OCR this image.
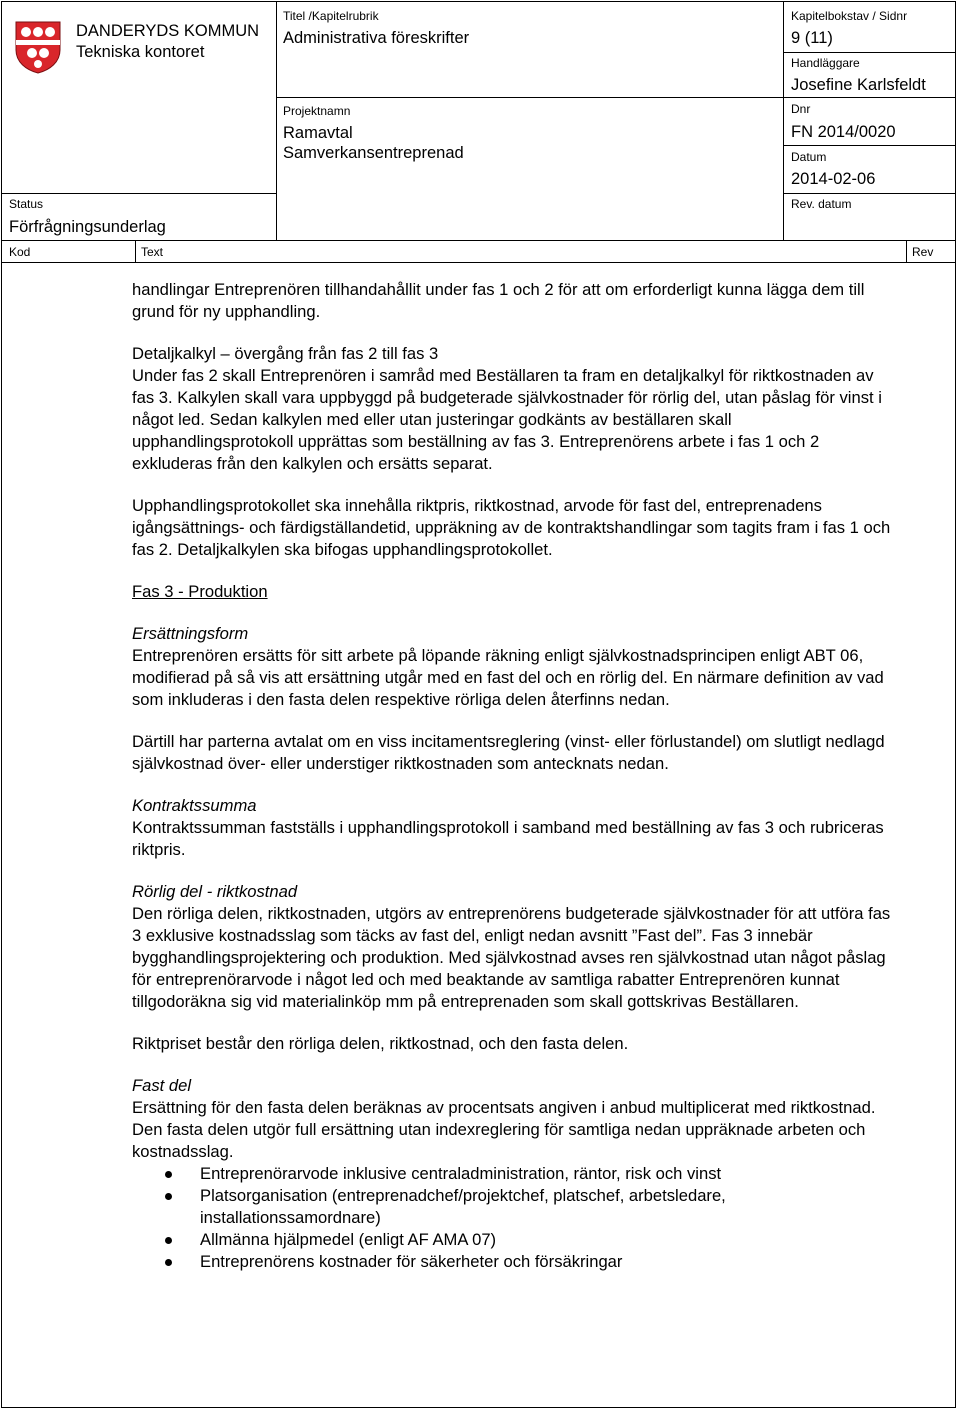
DANDERYDS KOMMUN
Tekniska kontoret
Titel /Kapitelrubrik
Administrativa föreskrifter
Projektnamn
Ramavtal
Samverkansentreprenad
Kapitelbokstav / Sidnr
9 (11)
Handläggare
Josefine Karlsfeldt
Dnr
FN 2014/0020
Datum
2014-02-06
Rev. datum
Status
Förfrågningsunderlag
Kod	Text	Rev

handlingar Entreprenören tillhandahållit under fas 1 och 2 för att om erforderligt kunna lägga dem till grund för ny upphandling.

Detaljkalkyl – övergång från fas 2 till fas 3

Under fas 2 skall Entreprenören i samråd med Beställaren ta fram en detaljkalkyl för riktkostnaden av fas 3. Kalkylen skall vara uppbyggd på budgeterade självkostnader för rörlig del, utan påslag för vinst i något led. Sedan kalkylen med eller utan justeringar godkänts av beställaren skall upphandlingsprotokoll upprättas som beställning av fas 3. Entreprenörens arbete i fas 1 och 2 exkluderas från den kalkylen och ersätts separat.

Upphandlingsprotokollet ska innehålla riktpris, riktkostnad, arvode för fast del, entreprenadens igångsättnings- och färdigställandetid, uppräkning av de kontraktshandlingar som tagits fram i fas 1 och fas 2. Detaljkalkylen ska bifogas upphandlingsprotokollet.

Fas 3 - Produktion

Ersättningsform

Entreprenören ersätts för sitt arbete på löpande räkning enligt självkostnadsprincipen enligt ABT 06, modifierad på så vis att ersättning utgår med en fast del och en rörlig del. En närmare definition av vad som inkluderas i den fasta delen respektive rörliga delen återfinns nedan.

Därtill har parterna avtalat om en viss incitamentsreglering (vinst- eller förlustandel) om slutligt nedlagd självkostnad över- eller understiger riktkostnaden som antecknats nedan.

Kontraktssumma

Kontraktssumman fastställs i upphandlingsprotokoll i samband med beställning av fas 3 och rubriceras riktpris.

Rörlig del - riktkostnad

Den rörliga delen, riktkostnaden, utgörs av entreprenörens budgeterade självkostnader för att utföra fas 3 exklusive kostnadsslag som täcks av fast del, enligt nedan avsnitt ”Fast del”. Fas 3 innebär bygghandlingsprojektering och produktion. Med självkostnad avses ren självkostnad utan något påslag för entreprenörarvode i något led och med beaktande av samtliga rabatter Entreprenören kunnat tillgodoräkna sig vid materialinköp mm på entreprenaden som skall gottskrivas Beställaren.

Riktpriset består den rörliga delen, riktkostnad, och den fasta delen.

Fast del

Ersättning för den fasta delen beräknas av procentsats angiven i anbud multiplicerat med riktkostnad. Den fasta delen utgör full ersättning utan indexreglering för samtliga nedan uppräknade arbeten och kostnadsslag.

Entreprenörarvode inklusive centraladministration, räntor, risk och vinst
Platsorganisation (entreprenadchef/projektchef, platschef, arbetsledare, installationssamordnare)
Allmänna hjälpmedel (enligt AF AMA 07)
Entreprenörens kostnader för säkerheter och försäkringar
